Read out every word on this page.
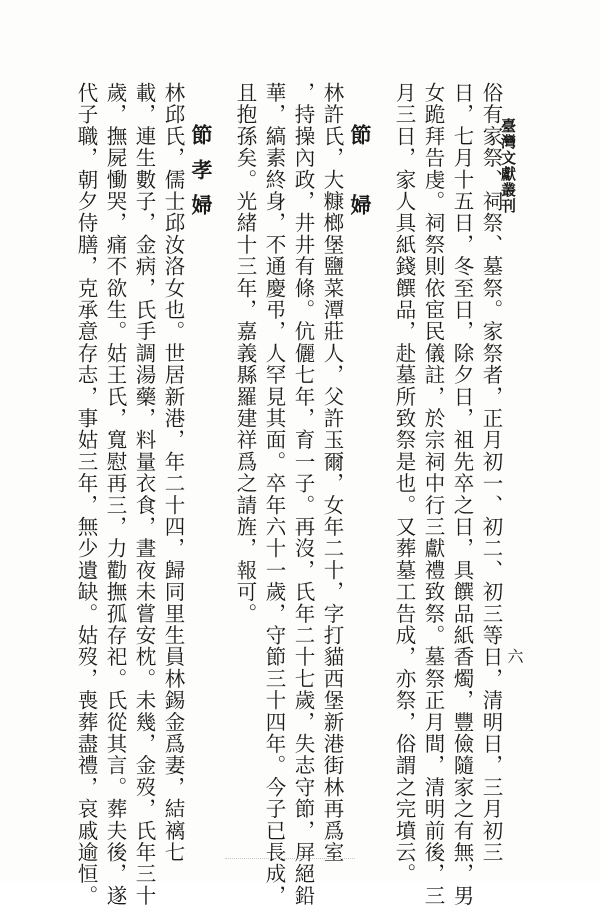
臺灣文獻叢刊
六
俗有家祭、祠祭、墓祭。家祭者，正月初一、初二、初三等日，清明日，三月初三
日，七月十五日，冬至日，除夕日，祖先卒之日，具饌品紙香燭，豐儉隨家之有無，男
女跪拜告虔。祠祭則依宦民儀註，於宗祠中行三獻禮致祭。墓祭正月間，清明前後，三
月三日，家人具紙錢饌品，赴墓所致祭是也。又葬墓工告成，亦祭，俗謂之完墳云。
節　婦
林許氏，大糠榔堡鹽菜潭莊人，父許玉爾，女年二十，字打貓西堡新港街林再爲室
，持操內政，井井有條。伉儷七年，育一子。再沒，氏年二十七歲，失志守節，屏絕鉛
華，縞素終身，不通慶弔，人罕見其面。卒年六十一歲，守節三十四年。今子已長成，
且抱孫矣。光緒十三年，嘉義縣羅建祥爲之請旌，報可。
節孝婦
林邱氏，儒士邱汝洛女也。世居新港，年二十四，歸同里生員林錫金爲妻，結褵七
載，連生數子，金病，氏手調湯藥，料量衣食，晝夜未嘗安枕。未幾，金歿，氏年三十
歲，撫屍慟哭，痛不欲生。姑王氏，寬慰再三，力勸撫孤存祀。氏從其言。葬夫後，遂
代子職，朝夕侍膳，克承意存志，事姑三年，無少遺缺。姑歿，喪葬盡禮，哀戚逾恒。
